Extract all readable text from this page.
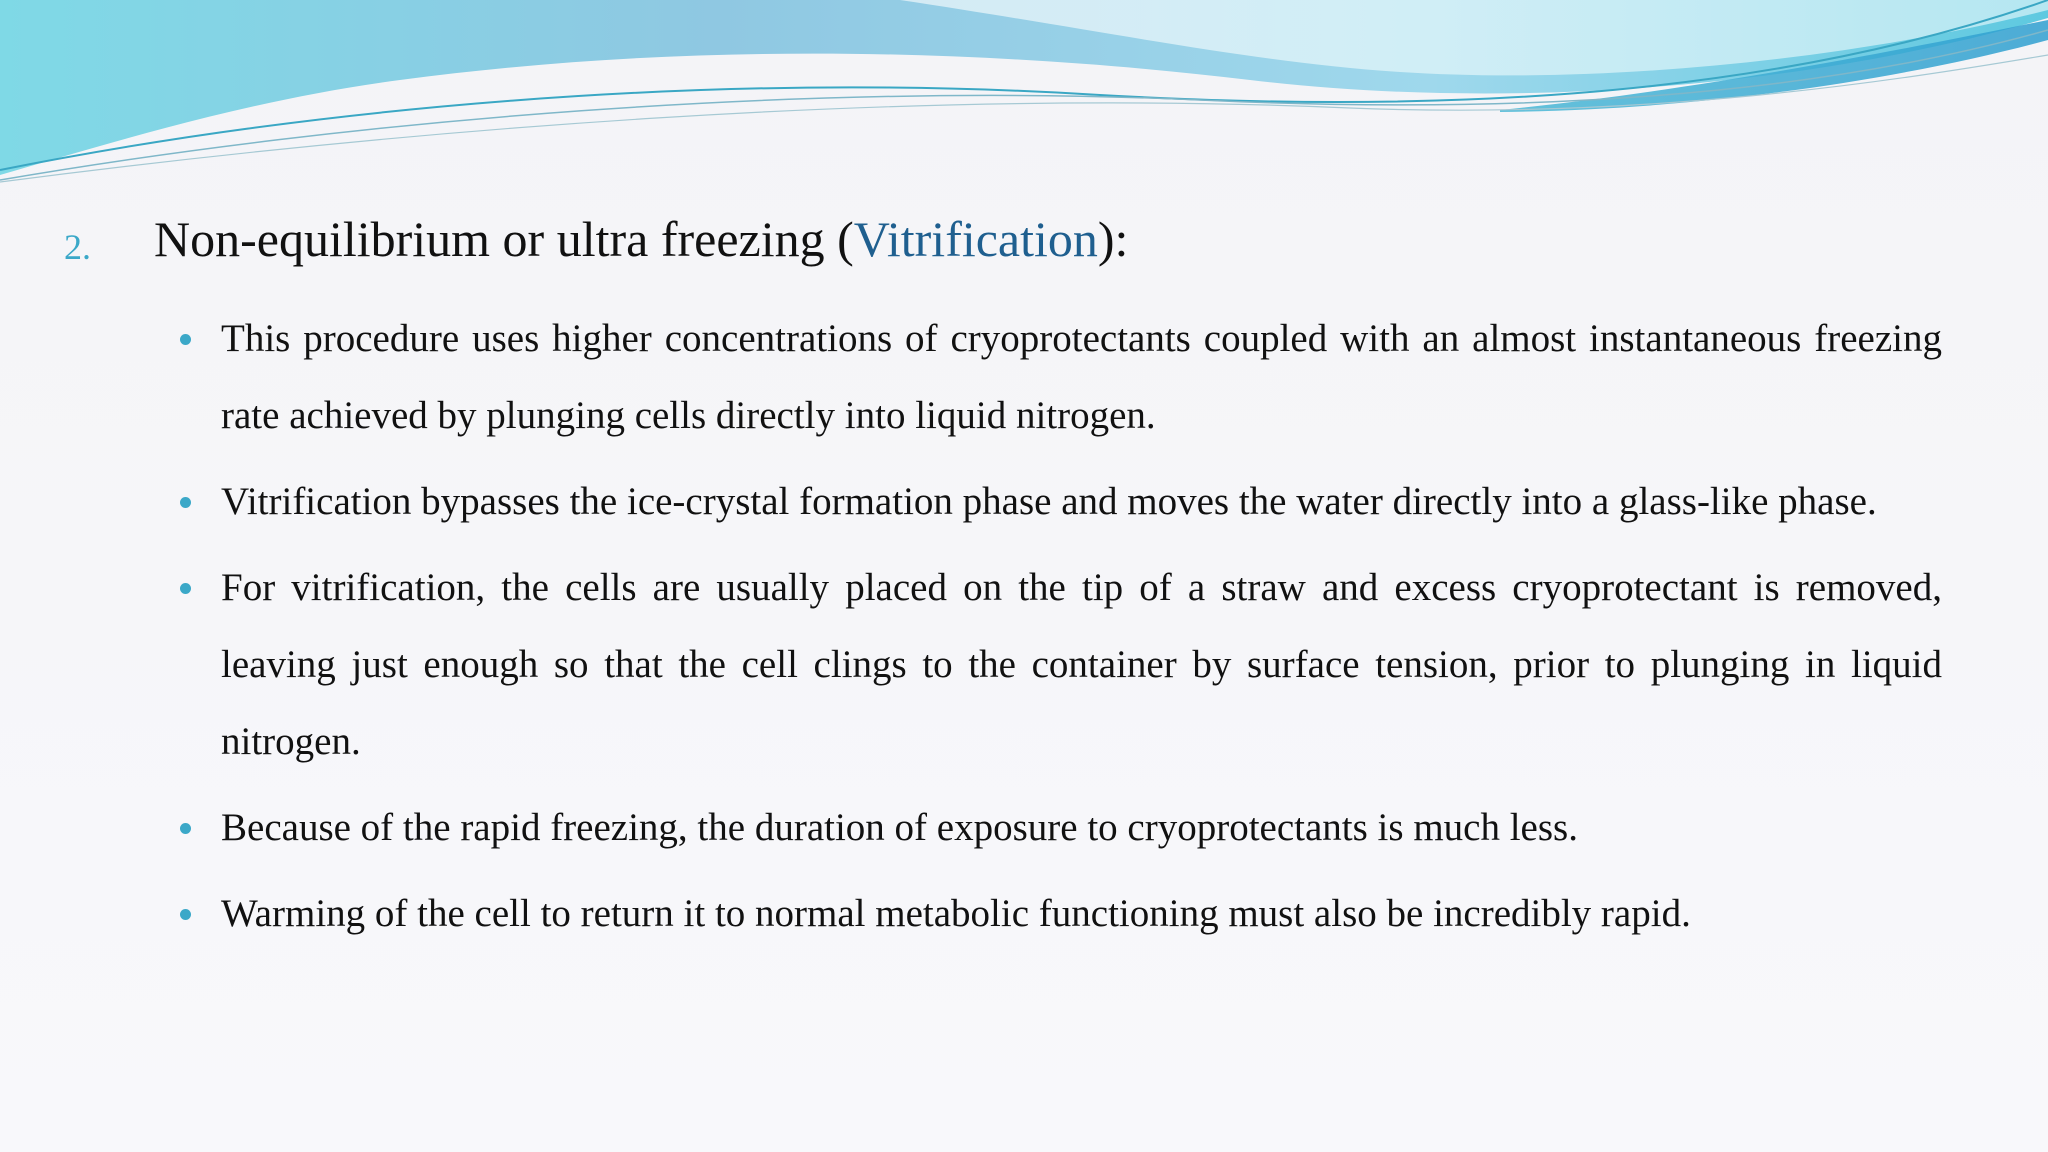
2. Non-equilibrium or ultra freezing (Vitrification):
This procedure uses higher concentrations of cryoprotectants coupled with an almost instantaneous freezing rate achieved by plunging cells directly into liquid nitrogen.
Vitrification bypasses the ice-crystal formation phase and moves the water directly into a glass-like phase.
For vitrification, the cells are usually placed on the tip of a straw and excess cryoprotectant is removed, leaving just enough so that the cell clings to the container by surface tension, prior to plunging in liquid nitrogen.
Because of the rapid freezing, the duration of exposure to cryoprotectants is much less.
Warming of the cell to return it to normal metabolic functioning must also be incredibly rapid.
